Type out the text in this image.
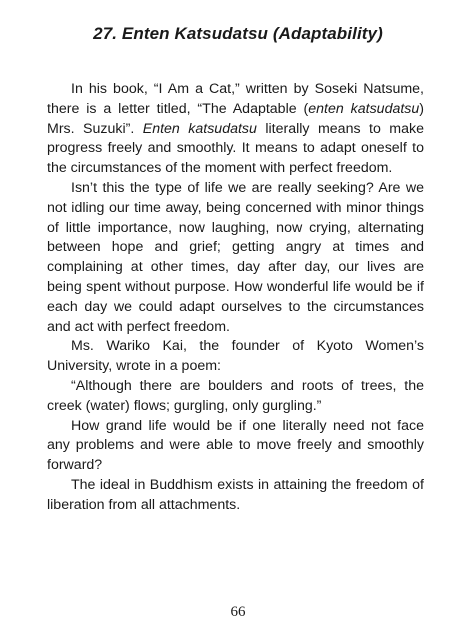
27. Enten Katsudatsu (Adaptability)

In his book, “I Am a Cat,” written by Soseki Natsume, there is a letter titled, “The Adaptable (enten katsudatsu) Mrs. Suzuki”. Enten katsudatsu literally means to make progress freely and smoothly. It means to adapt oneself to the circumstances of the moment with perfect freedom.

Isn’t this the type of life we are really seeking? Are we not idling our time away, being concerned with minor things of little importance, now laughing, now crying, alternating between hope and grief; getting angry at times and complaining at other times, day after day, our lives are being spent without purpose. How wonderful life would be if each day we could adapt ourselves to the circumstances and act with perfect freedom.

Ms. Wariko Kai, the founder of Kyoto Women’s University, wrote in a poem:

“Although there are boulders and roots of trees, the creek (water) flows; gurgling, only gurgling.”

How grand life would be if one literally need not face any problems and were able to move freely and smoothly forward?

The ideal in Buddhism exists in attaining the freedom of liberation from all attachments.

66
